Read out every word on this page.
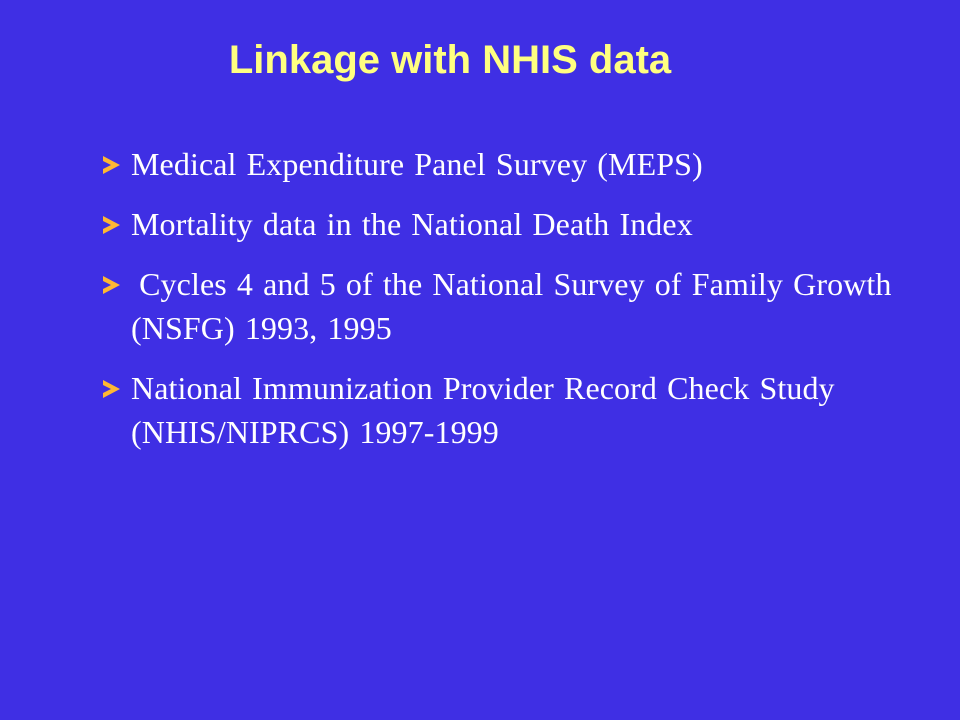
Linkage with NHIS data
Medical Expenditure Panel Survey (MEPS)
Mortality data in the National Death Index
Cycles 4 and 5 of the National Survey of Family Growth (NSFG) 1993, 1995
National Immunization Provider Record Check Study (NHIS/NIPRCS) 1997-1999
